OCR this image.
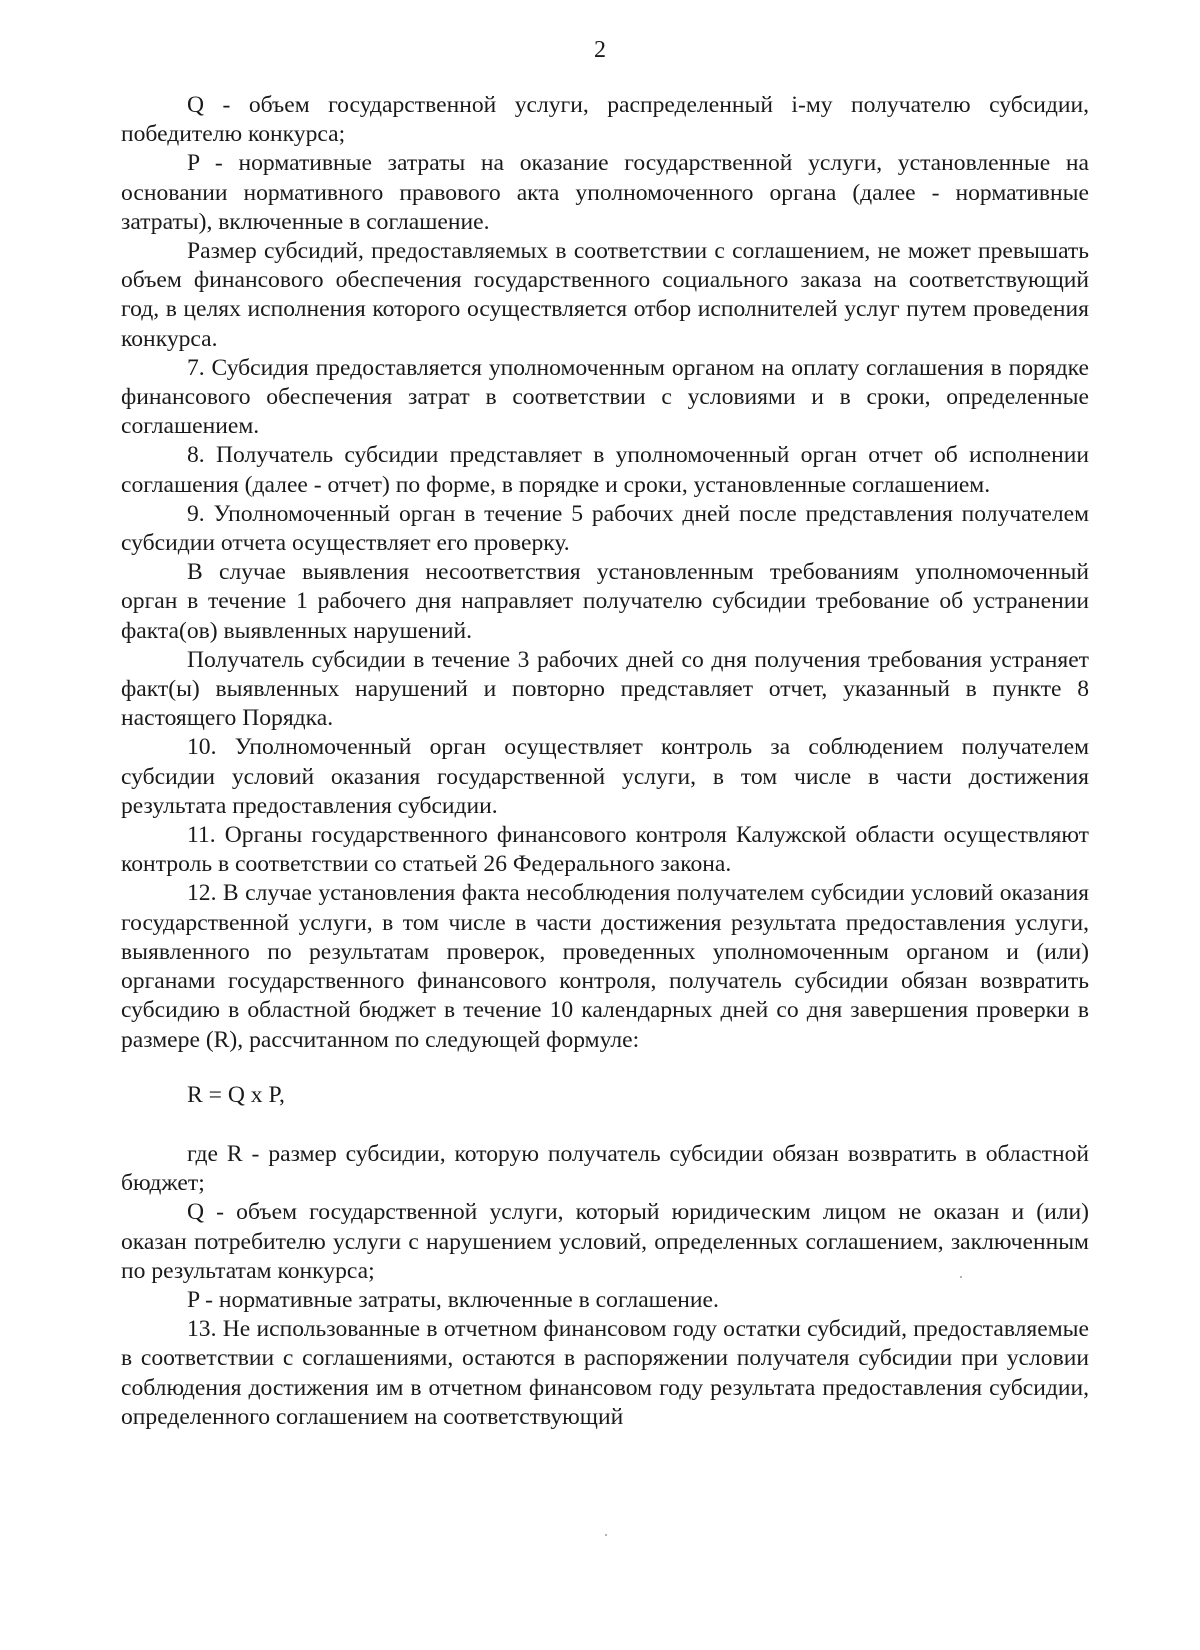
2

Q - объем государственной услуги, распределенный i-му получателю субсидии, победителю конкурса;

P - нормативные затраты на оказание государственной услуги, установленные на основании нормативного правового акта уполномоченного органа (далее - нормативные затраты), включенные в соглашение.

Размер субсидий, предоставляемых в соответствии с соглашением, не может превышать объем финансового обеспечения государственного социального заказа на соответствующий год, в целях исполнения которого осуществляется отбор исполнителей услуг путем проведения конкурса.

7. Субсидия предоставляется уполномоченным органом на оплату соглашения в порядке финансового обеспечения затрат в соответствии с условиями и в сроки, определенные соглашением.

8. Получатель субсидии представляет в уполномоченный орган отчет об исполнении соглашения (далее - отчет) по форме, в порядке и сроки, установленные соглашением.

9. Уполномоченный орган в течение 5 рабочих дней после представления получателем субсидии отчета осуществляет его проверку.

В случае выявления несоответствия установленным требованиям уполномоченный орган в течение 1 рабочего дня направляет получателю субсидии требование об устранении факта(ов) выявленных нарушений.

Получатель субсидии в течение 3 рабочих дней со дня получения требования устраняет факт(ы) выявленных нарушений и повторно представляет отчет, указанный в пункте 8 настоящего Порядка.

10. Уполномоченный орган осуществляет контроль за соблюдением получателем субсидии условий оказания государственной услуги, в том числе в части достижения результата предоставления субсидии.

11. Органы государственного финансового контроля Калужской области осуществляют контроль в соответствии со статьей 26 Федерального закона.

12. В случае установления факта несоблюдения получателем субсидии условий оказания государственной услуги, в том числе в части достижения результата предоставления услуги, выявленного по результатам проверок, проведенных уполномоченным органом и (или) органами государственного финансового контроля, получатель субсидии обязан возвратить субсидию в областной бюджет в течение 10 календарных дней со дня завершения проверки в размере (R), рассчитанном по следующей формуле:

R = Q x P,

где R - размер субсидии, которую получатель субсидии обязан возвратить в областной бюджет;

Q - объем государственной услуги, который юридическим лицом не оказан и (или) оказан потребителю услуги с нарушением условий, определенных соглашением, заключенным по результатам конкурса;

P - нормативные затраты, включенные в соглашение.

13. Не использованные в отчетном финансовом году остатки субсидий, предоставляемые в соответствии с соглашениями, остаются в распоряжении получателя субсидии при условии соблюдения достижения им в отчетном финансовом году результата предоставления субсидии, определенного соглашением на соответствующий
